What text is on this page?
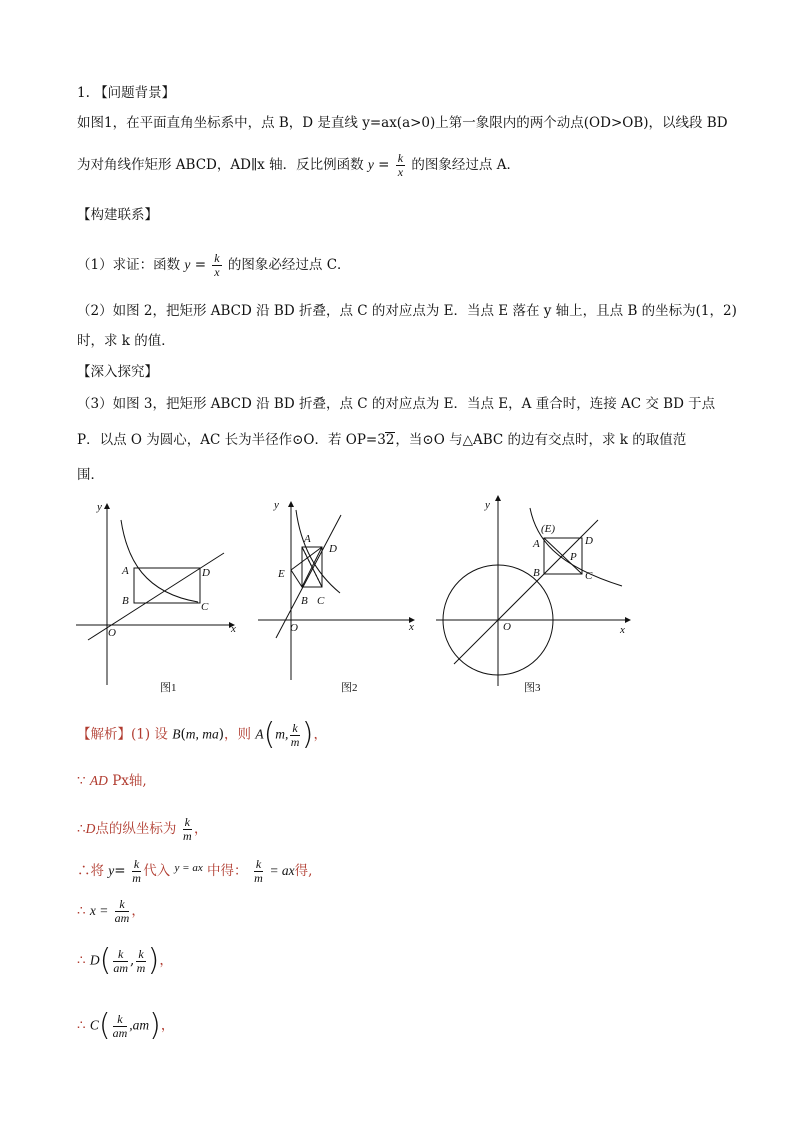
1. 【问题背景】
如图1，在平面直角坐标系中，点 B，D 是直线 y=ax(a>0)上第一象限内的两个动点(OD>OB)，以线段 BD
为对角线作矩形 ABCD，AD∥x 轴．反比例函数 $y = \frac{k}{x}$ 的图象经过点 A．
【构建联系】
（1）求证：函数 $y = \frac{k}{x}$ 的图象必经过点 C．
（2）如图 2，把矩形 ABCD 沿 BD 折叠，点 C 的对应点为 E．当点 E 落在 y 轴上，且点 B 的坐标为(1，2)
时，求 k 的值．
【深入探究】
（3）如图 3，把矩形 ABCD 沿 BD 折叠，点 C 的对应点为 E．当点 E，A 重合时，连接 AC 交 BD 于点
P．以点 O 为圆心，AC 长为半径作⊙O．若 OP=32，当⊙O 与△ABC 的边有交点时，求 k 的取值范
围．
y
x
O
A
B	C
D
图1
y
x
O
A
B C
D
E
图2
y
x
O
A
B	C
D
(E)
P
图3
【解析】(1) 设 B(m, ma)，则 A(m, $\frac{k}{m}$ )，
∵ AD Px轴,
∴D点的纵坐标为 $\frac{k}{m}$ ，
∴将 $y= \frac{k}{m}$ 代入 $^{y = ax}$ 中得： $\frac{k}{m}$ = ax得,
∴ $x = \frac{k}{am}$ ，
∴ $D( \frac{k}{am}$ , $\frac{k}{m}$ )，
∴ $C( \frac{k}{am} ,am)$，
